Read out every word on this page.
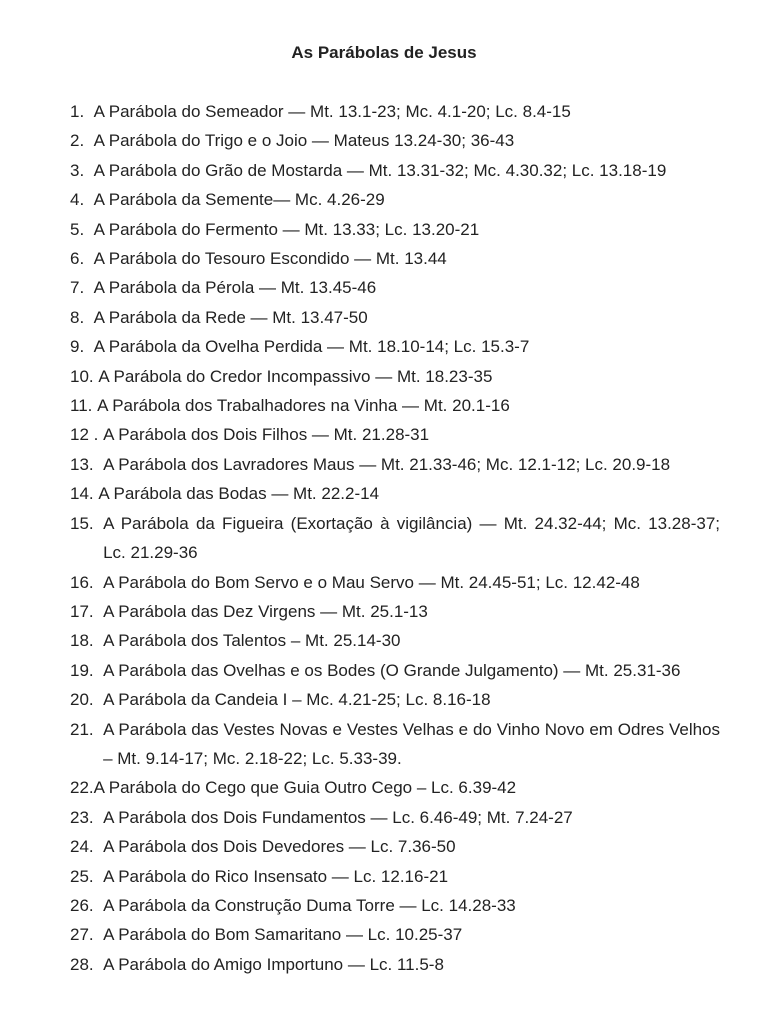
As Parábolas de Jesus
1. A Parábola do Semeador — Mt. 13.1-23; Mc. 4.1-20; Lc. 8.4-15
2. A Parábola do Trigo e o Joio — Mateus 13.24-30; 36-43
3. A Parábola do Grão de Mostarda — Mt. 13.31-32; Mc. 4.30.32; Lc. 13.18-19
4. A Parábola da Semente— Mc. 4.26-29
5. A Parábola do Fermento — Mt. 13.33; Lc. 13.20-21
6. A Parábola do Tesouro Escondido — Mt. 13.44
7. A Parábola da Pérola — Mt. 13.45-46
8. A Parábola da Rede — Mt. 13.47-50
9. A Parábola da Ovelha Perdida — Mt. 18.10-14; Lc. 15.3-7
10. A Parábola do Credor Incompassivo — Mt. 18.23-35
11. A Parábola dos Trabalhadores na Vinha — Mt. 20.1-16
12 . A Parábola dos Dois Filhos — Mt. 21.28-31
13. A Parábola dos Lavradores Maus — Mt. 21.33-46; Mc. 12.1-12; Lc. 20.9-18
14. A Parábola das Bodas — Mt. 22.2-14
15. A Parábola da Figueira (Exortação à vigilância) — Mt. 24.32-44; Mc. 13.28-37; Lc. 21.29-36
16. A Parábola do Bom Servo e o Mau Servo — Mt. 24.45-51; Lc. 12.42-48
17. A Parábola das Dez Virgens — Mt. 25.1-13
18. A Parábola dos Talentos – Mt. 25.14-30
19. A Parábola das Ovelhas e os Bodes (O Grande Julgamento) — Mt. 25.31-36
20. A Parábola da Candeia I – Mc. 4.21-25; Lc. 8.16-18
21. A Parábola das Vestes Novas e Vestes Velhas e do Vinho Novo em Odres Velhos – Mt. 9.14-17; Mc. 2.18-22; Lc. 5.33-39.
22. A Parábola do Cego que Guia Outro Cego – Lc. 6.39-42
23. A Parábola dos Dois Fundamentos — Lc. 6.46-49; Mt. 7.24-27
24. A Parábola dos Dois Devedores — Lc. 7.36-50
25. A Parábola do Rico Insensato — Lc. 12.16-21
26. A Parábola da Construção Duma Torre — Lc. 14.28-33
27. A Parábola do Bom Samaritano — Lc. 10.25-37
28. A Parábola do Amigo Importuno — Lc. 11.5-8
